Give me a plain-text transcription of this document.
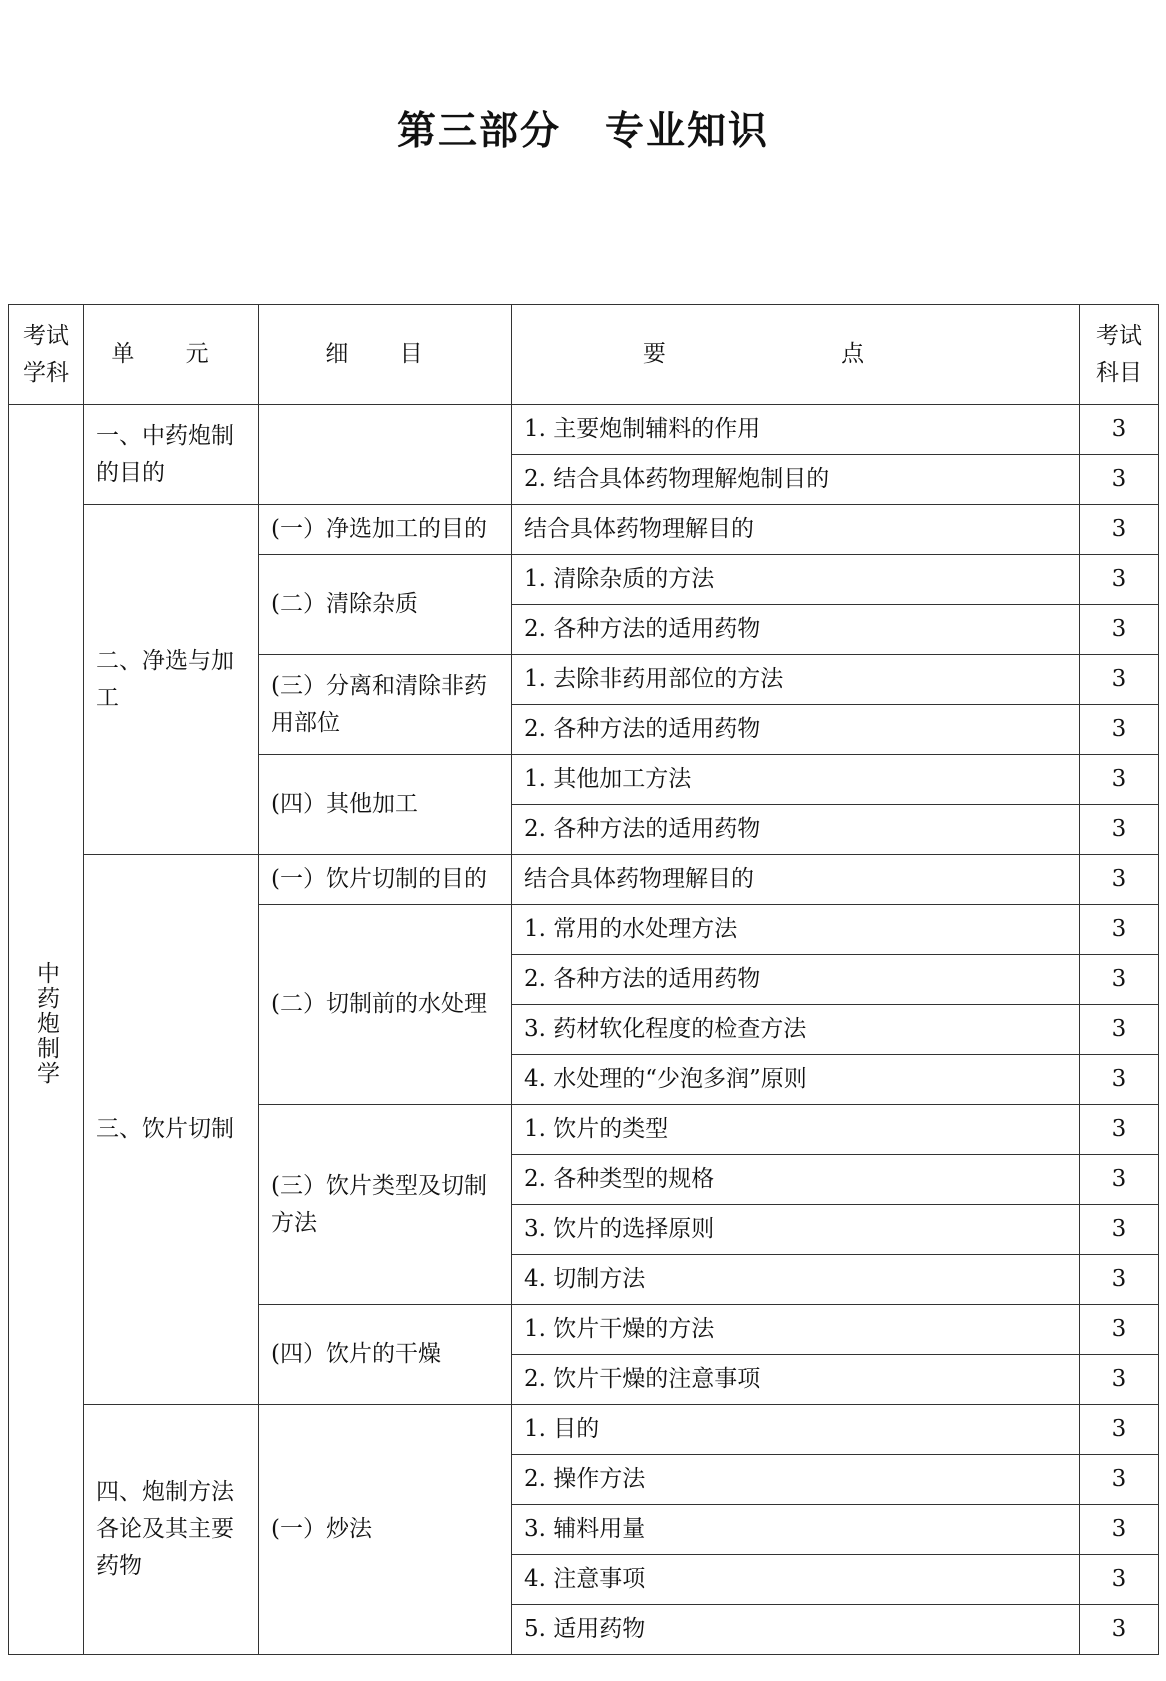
第三部分 专业知识
考试学科	单 元	细 目	要 点	考试科目
中药炮制学	一、中药炮制的目的		1. 主要炮制辅料的作用	3
			2. 结合具体药物理解炮制目的	3
	二、净选与加工	(一）净选加工的目的	结合具体药物理解目的	3
		(二）清除杂质	1. 清除杂质的方法	3
			2. 各种方法的适用药物	3
		(三）分离和清除非药用部位	1. 去除非药用部位的方法	3
			2. 各种方法的适用药物	3
		(四）其他加工	1. 其他加工方法	3
			2. 各种方法的适用药物	3
	三、饮片切制	(一）饮片切制的目的	结合具体药物理解目的	3
		(二）切制前的水处理	1. 常用的水处理方法	3
			2. 各种方法的适用药物	3
			3. 药材软化程度的检查方法	3
			4. 水处理的“少泡多润”原则	3
		(三）饮片类型及切制方法	1. 饮片的类型	3
			2. 各种类型的规格	3
			3. 饮片的选择原则	3
			4. 切制方法	3
		(四）饮片的干燥	1. 饮片干燥的方法	3
			2. 饮片干燥的注意事项	3
	四、炮制方法各论及其主要药物	(一）炒法	1. 目的	3
			2. 操作方法	3
			3. 辅料用量	3
			4. 注意事项	3
			5. 适用药物	3
